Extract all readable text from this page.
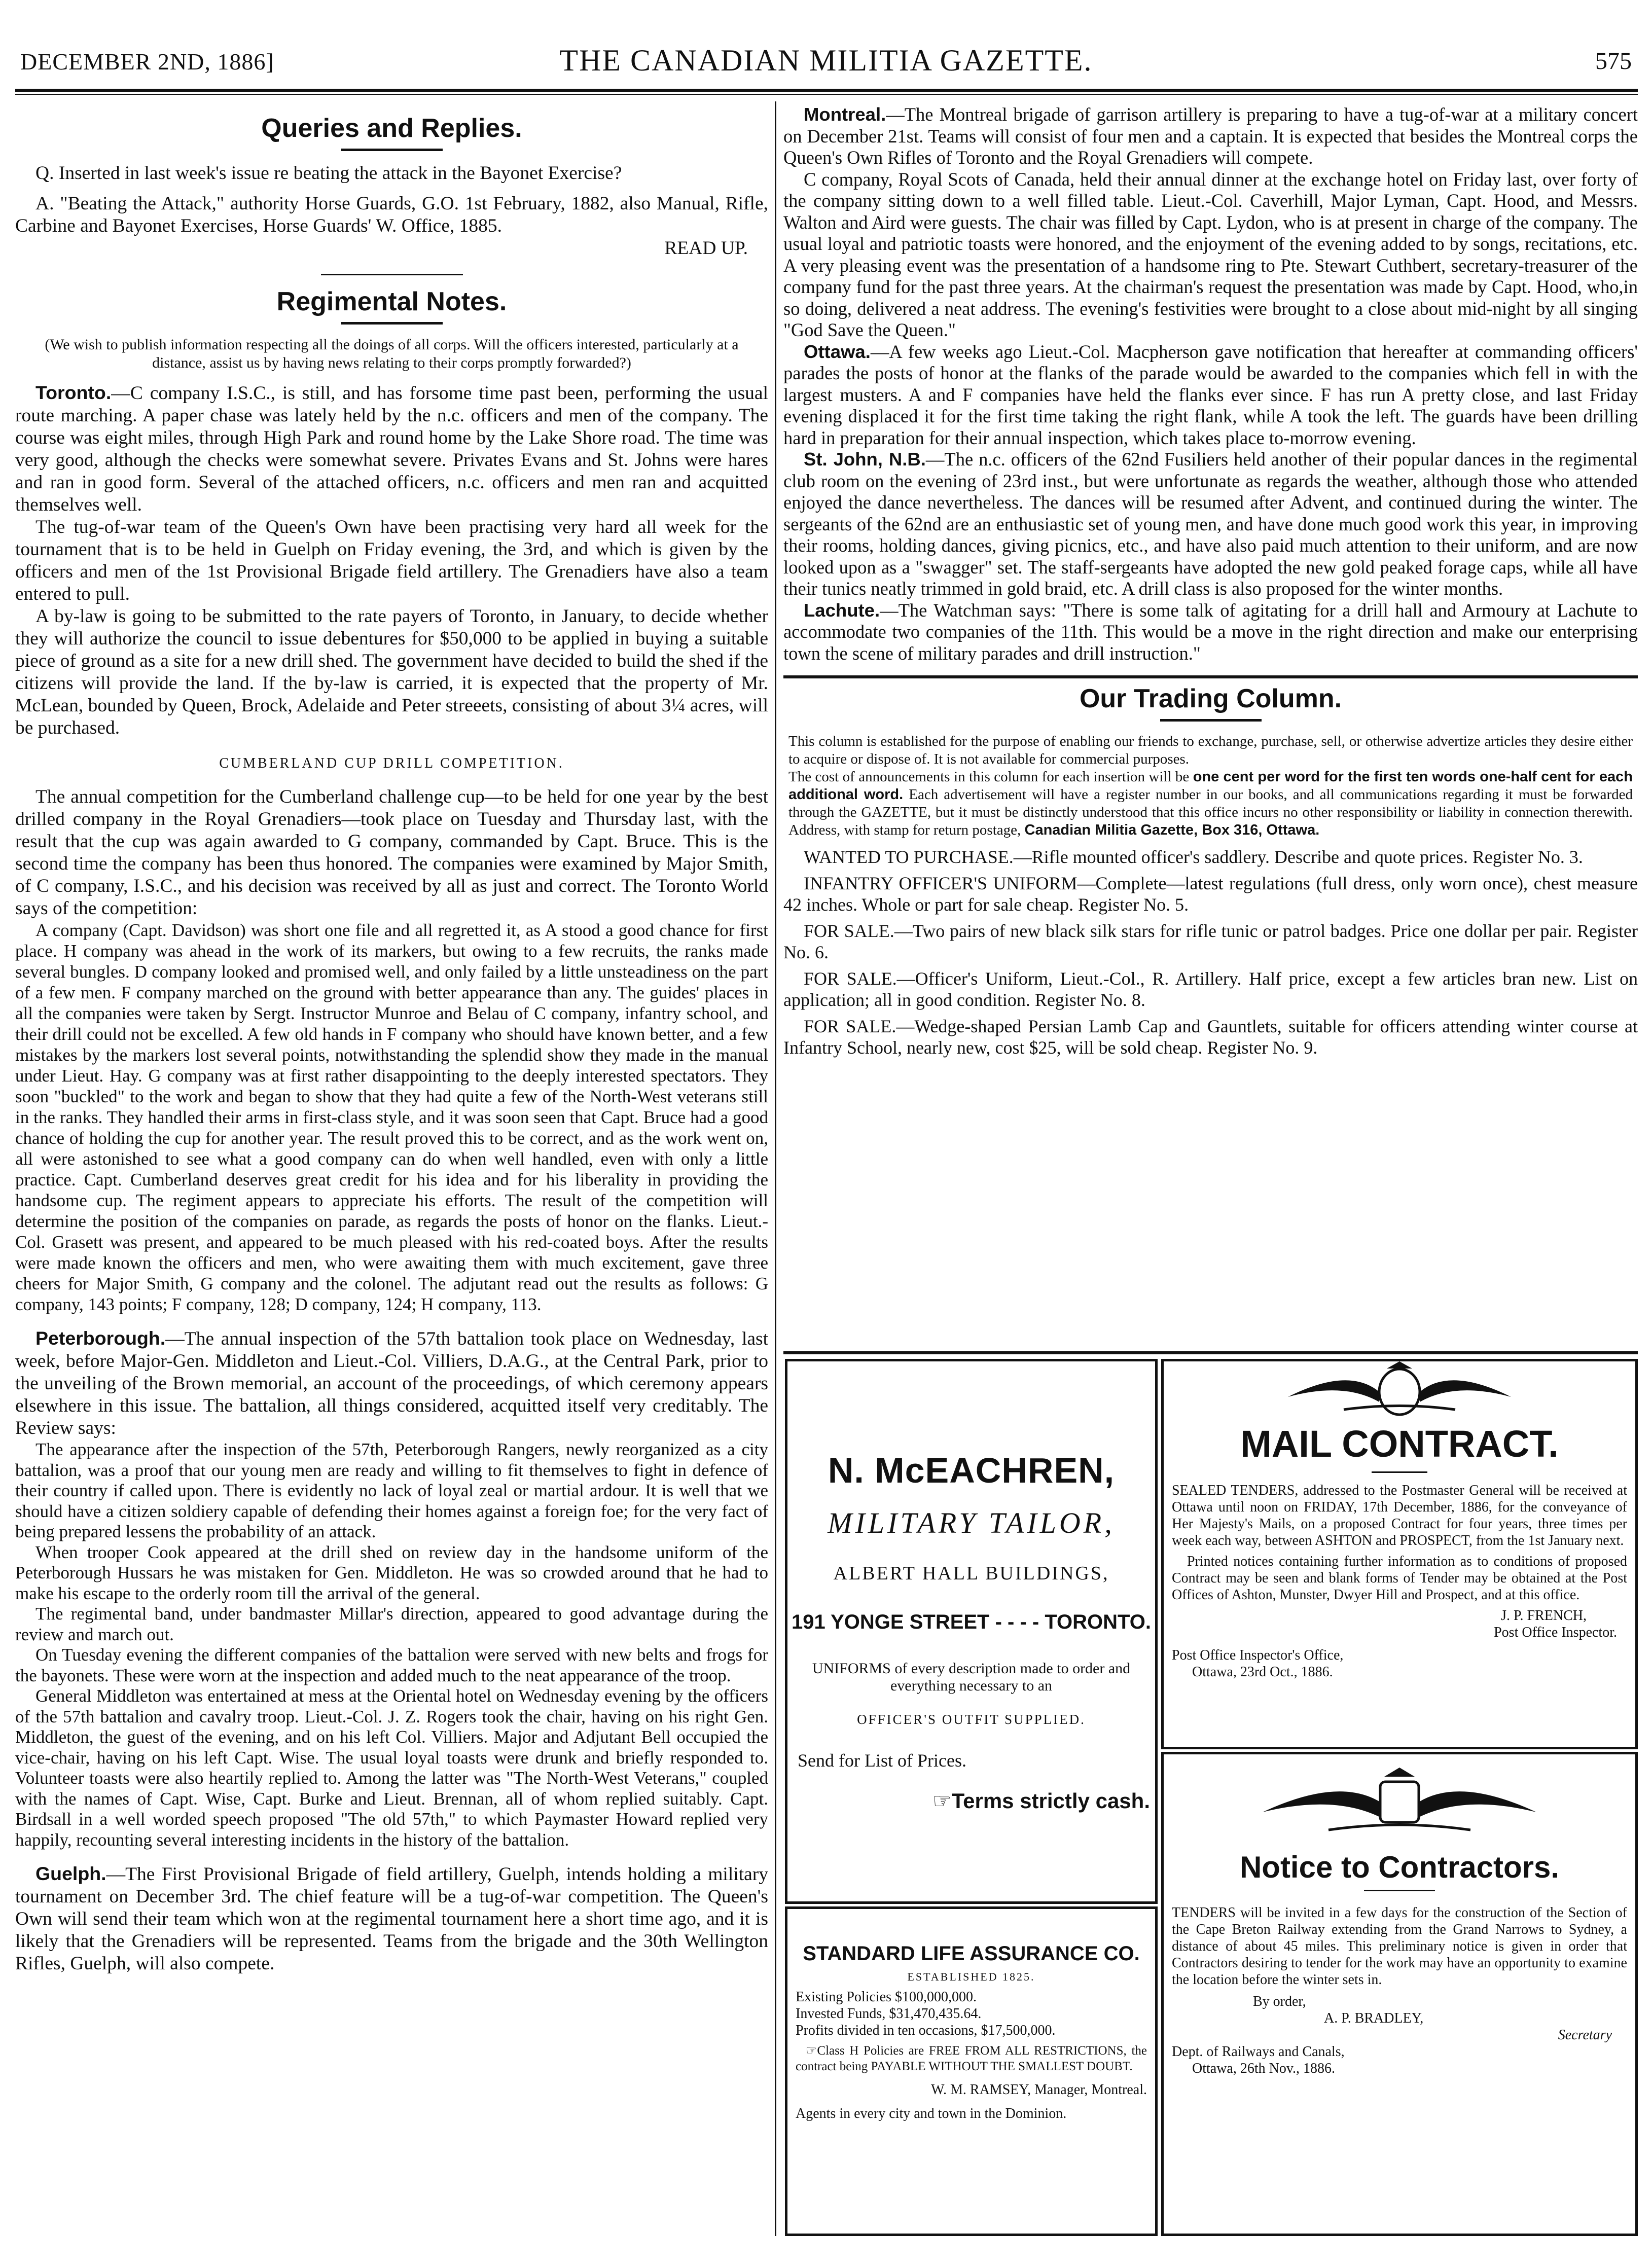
DECEMBER 2ND, 1886]	THE CANADIAN MILITIA GAZETTE.	575
Queries and Replies.

Q. Inserted in last week's issue re beating the attack in the Bayonet Exercise?

A. "Beating the Attack," authority Horse Guards, G.O. 1st February, 1882, also Manual, Rifle, Carbine and Bayonet Exercises, Horse Guards' W. Office, 1885.

READ UP.

Regimental Notes.
(We wish to publish information respecting all the doings of all corps. Will the officers interested, particularly at a distance, assist us by having news relating to their corps promptly forwarded?)

Toronto.—C company I.S.C., is still, and has forsome time past been, performing the usual route marching. A paper chase was lately held by the n.c. officers and men of the company. The course was eight miles, through High Park and round home by the Lake Shore road. The time was very good, although the checks were somewhat severe. Privates Evans and St. Johns were hares and ran in good form. Several of the attached officers, n.c. officers and men ran and acquitted themselves well.

The tug-of-war team of the Queen's Own have been practising very hard all week for the tournament that is to be held in Guelph on Friday evening, the 3rd, and which is given by the officers and men of the 1st Provisional Brigade field artillery. The Grenadiers have also a team entered to pull.

A by-law is going to be submitted to the rate payers of Toronto, in January, to decide whether they will authorize the council to issue debentures for $50,000 to be applied in buying a suitable piece of ground as a site for a new drill shed. The government have decided to build the shed if the citizens will provide the land. If the by-law is carried, it is expected that the property of Mr. McLean, bounded by Queen, Brock, Adelaide and Peter streeets, consisting of about 3¼ acres, will be purchased.

CUMBERLAND CUP DRILL COMPETITION.

The annual competition for the Cumberland challenge cup—to be held for one year by the best drilled company in the Royal Grenadiers—took place on Tuesday and Thursday last, with the result that the cup was again awarded to G company, commanded by Capt. Bruce. This is the second time the company has been thus honored. The companies were examined by Major Smith, of C company, I.S.C., and his decision was received by all as just and correct. The Toronto World says of the competition:

A company (Capt. Davidson) was short one file and all regretted it, as A stood a good chance for first place. H company was ahead in the work of its markers, but owing to a few recruits, the ranks made several bungles. D company looked and promised well, and only failed by a little unsteadiness on the part of a few men. F company marched on the ground with better appearance than any. The guides' places in all the companies were taken by Sergt. Instructor Munroe and Belau of C company, infantry school, and their drill could not be excelled. A few old hands in F company who should have known better, and a few mistakes by the markers lost several points, notwithstanding the splendid show they made in the manual under Lieut. Hay. G company was at first rather disappointing to the deeply interested spectators. They soon "buckled" to the work and began to show that they had quite a few of the North-West veterans still in the ranks. They handled their arms in first-class style, and it was soon seen that Capt. Bruce had a good chance of holding the cup for another year. The result proved this to be correct, and as the work went on, all were astonished to see what a good company can do when well handled, even with only a little practice. Capt. Cumberland deserves great credit for his idea and for his liberality in providing the handsome cup. The regiment appears to appreciate his efforts. The result of the competition will determine the position of the companies on parade, as regards the posts of honor on the flanks. Lieut.-Col. Grasett was present, and appeared to be much pleased with his red-coated boys. After the results were made known the officers and men, who were awaiting them with much excitement, gave three cheers for Major Smith, G company and the colonel. The adjutant read out the results as follows: G company, 143 points; F company, 128; D company, 124; H company, 113.

Peterborough.—The annual inspection of the 57th battalion took place on Wednesday, last week, before Major-Gen. Middleton and Lieut.-Col. Villiers, D.A.G., at the Central Park, prior to the unveiling of the Brown memorial, an account of the proceedings, of which ceremony appears elsewhere in this issue. The battalion, all things considered, acquitted itself very creditably. The Review says:

The appearance after the inspection of the 57th, Peterborough Rangers, newly reorganized as a city battalion, was a proof that our young men are ready and willing to fit themselves to fight in defence of their country if called upon. There is evidently no lack of loyal zeal or martial ardour. It is well that we should have a citizen soldiery capable of defending their homes against a foreign foe; for the very fact of being prepared lessens the probability of an attack.

When trooper Cook appeared at the drill shed on review day in the handsome uniform of the Peterborough Hussars he was mistaken for Gen. Middleton. He was so crowded around that he had to make his escape to the orderly room till the arrival of the general.

The regimental band, under bandmaster Millar's direction, appeared to good advantage during the review and march out.

On Tuesday evening the different companies of the battalion were served with new belts and frogs for the bayonets. These were worn at the inspection and added much to the neat appearance of the troop.

General Middleton was entertained at mess at the Oriental hotel on Wednesday evening by the officers of the 57th battalion and cavalry troop. Lieut.-Col. J. Z. Rogers took the chair, having on his right Gen. Middleton, the guest of the evening, and on his left Col. Villiers. Major and Adjutant Bell occupied the vice-chair, having on his left Capt. Wise. The usual loyal toasts were drunk and briefly responded to. Volunteer toasts were also heartily replied to. Among the latter was "The North-West Veterans," coupled with the names of Capt. Wise, Capt. Burke and Lieut. Brennan, all of whom replied suitably. Capt. Birdsall in a well worded speech proposed "The old 57th," to which Paymaster Howard replied very happily, recounting several interesting incidents in the history of the battalion.

Guelph.—The First Provisional Brigade of field artillery, Guelph, intends holding a military tournament on December 3rd. The chief feature will be a tug-of-war competition. The Queen's Own will send their team which won at the regimental tournament here a short time ago, and it is likely that the Grenadiers will be represented. Teams from the brigade and the 30th Wellington Rifles, Guelph, will also compete.

Montreal.—The Montreal brigade of garrison artillery is preparing to have a tug-of-war at a military concert on December 21st. Teams will consist of four men and a captain. It is expected that besides the Montreal corps the Queen's Own Rifles of Toronto and the Royal Grenadiers will compete.

C company, Royal Scots of Canada, held their annual dinner at the exchange hotel on Friday last, over forty of the company sitting down to a well filled table. Lieut.-Col. Caverhill, Major Lyman, Capt. Hood, and Messrs. Walton and Aird were guests. The chair was filled by Capt. Lydon, who is at present in charge of the company. The usual loyal and patriotic toasts were honored, and the enjoyment of the evening added to by songs, recitations, etc. A very pleasing event was the presentation of a handsome ring to Pte. Stewart Cuthbert, secretary-treasurer of the company fund for the past three years. At the chairman's request the presentation was made by Capt. Hood, who,in so doing, delivered a neat address. The evening's festivities were brought to a close about mid-night by all singing "God Save the Queen."

Ottawa.—A few weeks ago Lieut.-Col. Macpherson gave notification that hereafter at commanding officers' parades the posts of honor at the flanks of the parade would be awarded to the companies which fell in with the largest musters. A and F companies have held the flanks ever since. F has run A pretty close, and last Friday evening displaced it for the first time taking the right flank, while A took the left. The guards have been drilling hard in preparation for their annual inspection, which takes place to-morrow evening.

St. John, N.B.—The n.c. officers of the 62nd Fusiliers held another of their popular dances in the regimental club room on the evening of 23rd inst., but were unfortunate as regards the weather, although those who attended enjoyed the dance nevertheless. The dances will be resumed after Advent, and continued during the winter. The sergeants of the 62nd are an enthusiastic set of young men, and have done much good work this year, in improving their rooms, holding dances, giving picnics, etc., and have also paid much attention to their uniform, and are now looked upon as a "swagger" set. The staff-sergeants have adopted the new gold peaked forage caps, while all have their tunics neatly trimmed in gold braid, etc. A drill class is also proposed for the winter months.

Lachute.—The Watchman says: "There is some talk of agitating for a drill hall and Armoury at Lachute to accommodate two companies of the 11th. This would be a move in the right direction and make our enterprising town the scene of military parades and drill instruction."

Our Trading Column.

This column is established for the purpose of enabling our friends to exchange, purchase, sell, or otherwise advertize articles they desire either to acquire or dispose of. It is not available for commercial purposes.

The cost of announcements in this column for each insertion will be one cent per word for the first ten words one-half cent for each additional word. Each advertisement will have a register number in our books, and all communications regarding it must be forwarded through the GAZETTE, but it must be distinctly understood that this office incurs no other responsibility or liability in connection therewith. Address, with stamp for return postage, Canadian Militia Gazette, Box 316, Ottawa.

WANTED TO PURCHASE.—Rifle mounted officer's saddlery. Describe and quote prices. Register No. 3.

INFANTRY OFFICER'S UNIFORM—Complete—latest regulations (full dress, only worn once), chest measure 42 inches. Whole or part for sale cheap. Register No. 5.

FOR SALE.—Two pairs of new black silk stars for rifle tunic or patrol badges. Price one dollar per pair. Register No. 6.

FOR SALE.—Officer's Uniform, Lieut.-Col., R. Artillery. Half price, except a few articles bran new. List on application; all in good condition. Register No. 8.

FOR SALE.—Wedge-shaped Persian Lamb Cap and Gauntlets, suitable for officers attending winter course at Infantry School, nearly new, cost $25, will be sold cheap. Register No. 9.

N. McEACHREN,
MILITARY TAILOR,
ALBERT HALL BUILDINGS,
191 YONGE STREET - - - - TORONTO.
UNIFORMS of every description made to order and everything necessary to an
OFFICER'S OUTFIT SUPPLIED.
Send for List of Prices.
☞Terms strictly cash.
MAIL CONTRACT.

SEALED TENDERS, addressed to the Postmaster General will be received at Ottawa until noon on FRIDAY, 17th December, 1886, for the conveyance of Her Majesty's Mails, on a proposed Contract for four years, three times per week each way, between ASHTON and PROSPECT, from the 1st January next.

Printed notices containing further information as to conditions of proposed Contract may be seen and blank forms of Tender may be obtained at the Post Offices of Ashton, Munster, Dwyer Hill and Prospect, and at this office.

J. P. FRENCH,

Post Office Inspector.

Post Office Inspector's Office,

Ottawa, 23rd Oct., 1886.

Notice to Contractors.

TENDERS will be invited in a few days for the construction of the Section of the Cape Breton Railway extending from the Grand Narrows to Sydney, a distance of about 45 miles. This preliminary notice is given in order that Contractors desiring to tender for the work may have an opportunity to examine the location before the winter sets in.

By order,

A. P. BRADLEY,

Secretary

Dept. of Railways and Canals,

Ottawa, 26th Nov., 1886.

STANDARD LIFE ASSURANCE CO.
ESTABLISHED 1825.

Existing Policies $100,000,000.

Invested Funds, $31,470,435.64.

Profits divided in ten occasions, $17,500,000.

☞Class H Policies are FREE FROM ALL RESTRICTIONS, the contract being PAYABLE WITHOUT THE SMALLEST DOUBT.

W. M. RAMSEY, Manager, Montreal.

Agents in every city and town in the Dominion.
